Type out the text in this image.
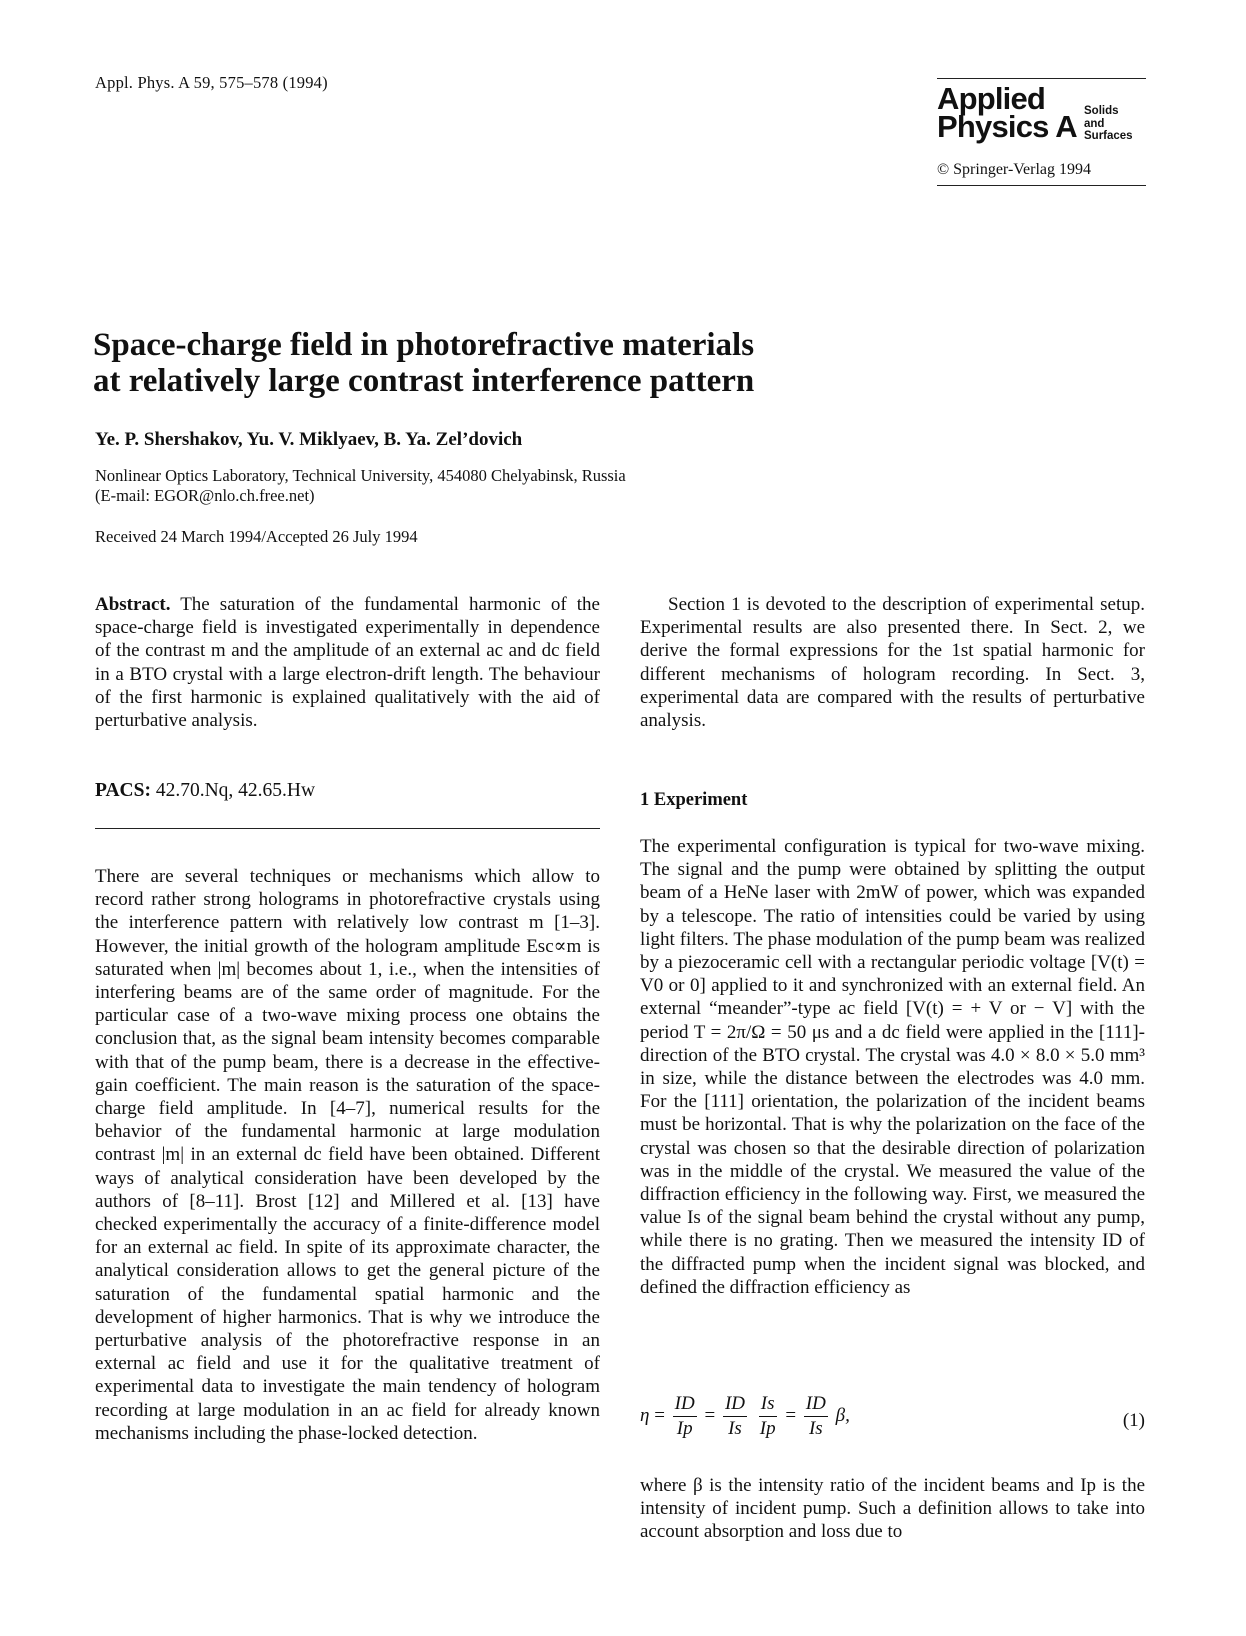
Appl. Phys. A 59, 575–578 (1994)	Applied
Physics A Solids
and
Surfaces
© Springer-Verlag 1994
Space-charge field in photorefractive materials
at relatively large contrast interference pattern
Ye. P. Shershakov, Yu. V. Miklyaev, B. Ya. Zel’dovich
Nonlinear Optics Laboratory, Technical University, 454080 Chelyabinsk, Russia
(E-mail: EGOR@nlo.ch.free.net)
Received 24 March 1994/Accepted 26 July 1994

Abstract. The saturation of the fundamental harmonic of the space-charge field is investigated experimentally in dependence of the contrast m and the amplitude of an external ac and dc field in a BTO crystal with a large electron-drift length. The behaviour of the first harmonic is explained qualitatively with the aid of perturbative analysis.

PACS: 42.70.Nq, 42.65.Hw

There are several techniques or mechanisms which allow to record rather strong holograms in photorefractive crystals using the interference pattern with relatively low contrast m [1–3]. However, the initial growth of the hologram amplitude Esc∝m is saturated when |m| becomes about 1, i.e., when the intensities of interfering beams are of the same order of magnitude. For the particular case of a two-wave mixing process one obtains the conclusion that, as the signal beam intensity becomes comparable with that of the pump beam, there is a decrease in the effective-gain coefficient. The main reason is the saturation of the space-charge field amplitude. In [4–7], numerical results for the behavior of the fundamental harmonic at large modulation contrast |m| in an external dc field have been obtained. Different ways of analytical consideration have been developed by the authors of [8–11]. Brost [12] and Millered et al. [13] have checked experimentally the accuracy of a finite-difference model for an external ac field. In spite of its approximate character, the analytical consideration allows to get the general picture of the saturation of the fundamental spatial harmonic and the development of higher harmonics. That is why we introduce the perturbative analysis of the photorefractive response in an external ac field and use it for the qualitative treatment of experimental data to investigate the main tendency of hologram recording at large modulation in an ac field for already known mechanisms including the phase-locked detection.

Section 1 is devoted to the description of experimental setup. Experimental results are also presented there. In Sect. 2, we derive the formal expressions for the 1st spatial harmonic for different mechanisms of hologram recording. In Sect. 3, experimental data are compared with the results of perturbative analysis.

1 Experiment

The experimental configuration is typical for two-wave mixing. The signal and the pump were obtained by splitting the output beam of a HeNe laser with 2mW of power, which was expanded by a telescope. The ratio of intensities could be varied by using light filters. The phase modulation of the pump beam was realized by a piezoceramic cell with a rectangular periodic voltage [V(t) = V0 or 0] applied to it and synchronized with an external field. An external “meander”-type ac field [V(t) = + V or − V] with the period T = 2π/Ω = 50 μs and a dc field were applied in the [111]-direction of the BTO crystal. The crystal was 4.0 × 8.0 × 5.0 mm³ in size, while the distance between the electrodes was 4.0 mm. For the [111] orientation, the polarization of the incident beams must be horizontal. That is why the polarization on the face of the crystal was chosen so that the desirable direction of polarization was in the middle of the crystal. We measured the value of the diffraction efficiency in the following way. First, we measured the value Is of the signal beam behind the crystal without any pump, while there is no grating. Then we measured the intensity ID of the diffracted pump when the incident signal was blocked, and defined the diffraction efficiency as

$\eta = \frac{ID}{Ip} = \frac{ID}{Is}$
$\frac{Is}{Ip} = \frac{ID}{Is} \beta$,	(1)

where β is the intensity ratio of the incident beams and Ip is the intensity of incident pump. Such a definition allows to take into account absorption and loss due to
